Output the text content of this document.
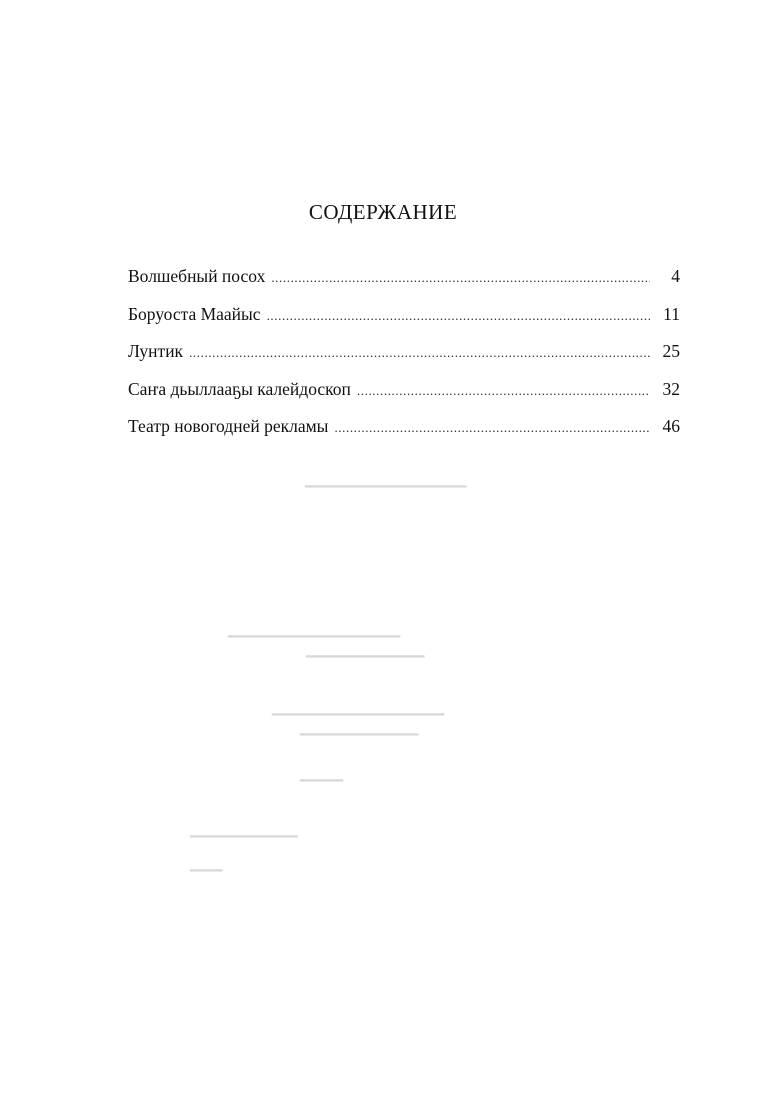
▁▁▁▁▁▁▁▁▁▁▁▁▁▁▁
▁▁▁▁▁▁▁▁▁▁▁▁▁▁▁▁
▁▁▁▁▁▁▁▁▁▁▁
▁▁▁▁▁▁▁▁▁▁▁▁▁▁▁▁
▁▁▁▁▁▁▁▁▁▁▁
▁▁▁▁
▁▁▁▁▁▁▁▁▁▁
▁▁▁
СОДЕРЖАНИЕ
Волшебный посох .....	4
Боруоста Маайыс .....	11
Лунтик .....	25
Саҥа дьыллааҕы калейдоскоп .....	32
Театр новогодней рекламы .....	46
